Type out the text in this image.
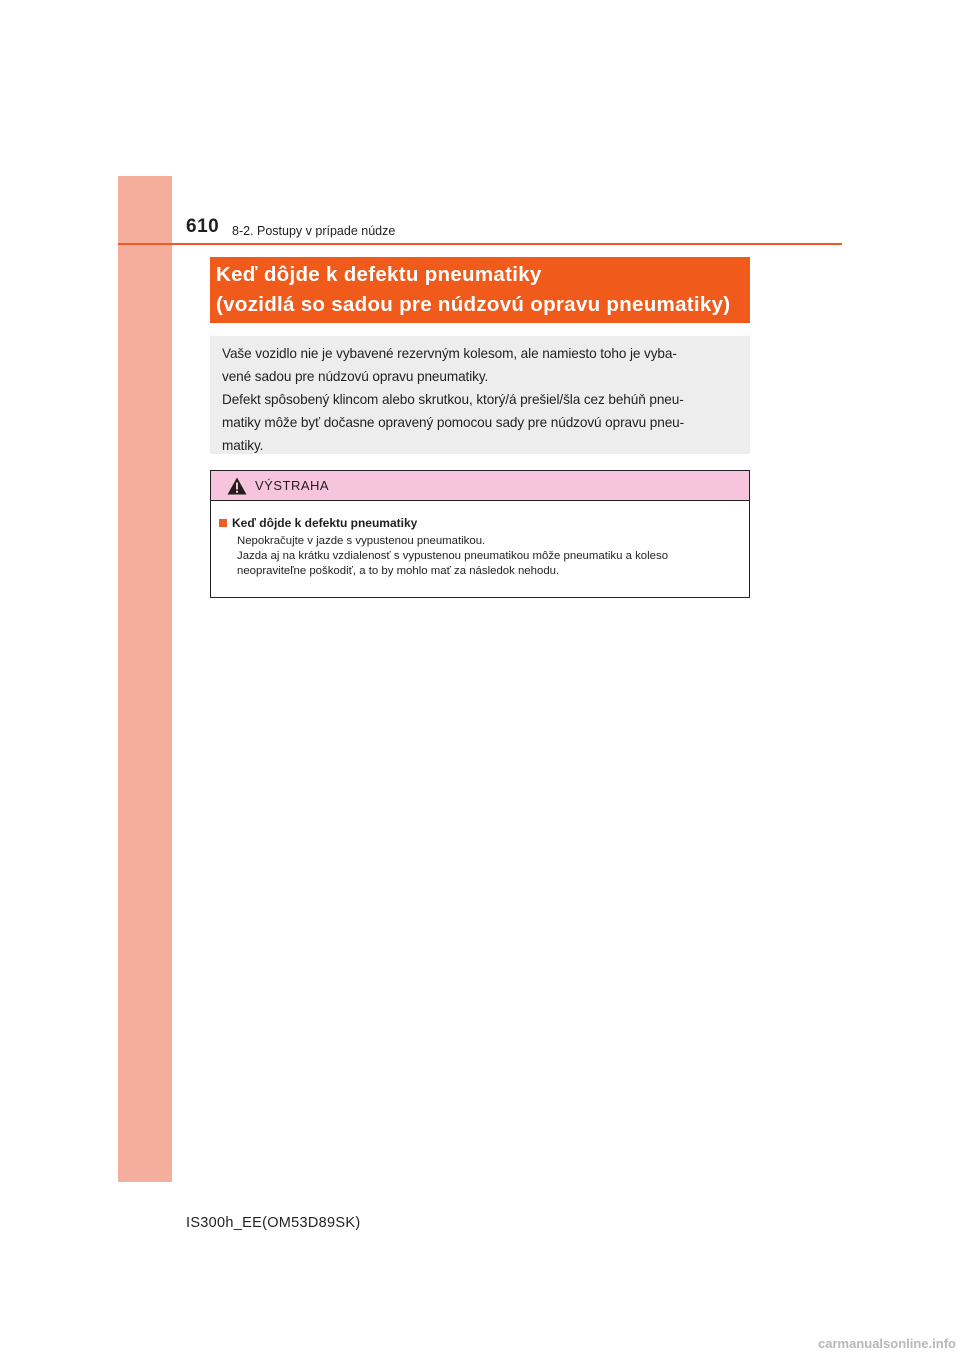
610 8-2. Postupy v prípade núdze
Keď dôjde k defektu pneumatiky
(vozidlá so sadou pre núdzovú opravu pneumatiky)
Vaše vozidlo nie je vybavené rezervným kolesom, ale namiesto toho je vyba-
vené sadou pre núdzovú opravu pneumatiky.
Defekt spôsobený klincom alebo skrutkou, ktorý/á prešiel/šla cez behúň pneu-
matiky môže byť dočasne opravený pomocou sady pre núdzovú opravu pneu-
matiky.
VÝSTRAHA
Keď dôjde k defektu pneumatiky
Nepokračujte v jazde s vypustenou pneumatikou.
Jazda aj na krátku vzdialenosť s vypustenou pneumatikou môže pneumatiku a koleso
neopraviteľne poškodiť, a to by mohlo mať za následok nehodu.
IS300h_EE(OM53D89SK)
carmanualsonline.info
